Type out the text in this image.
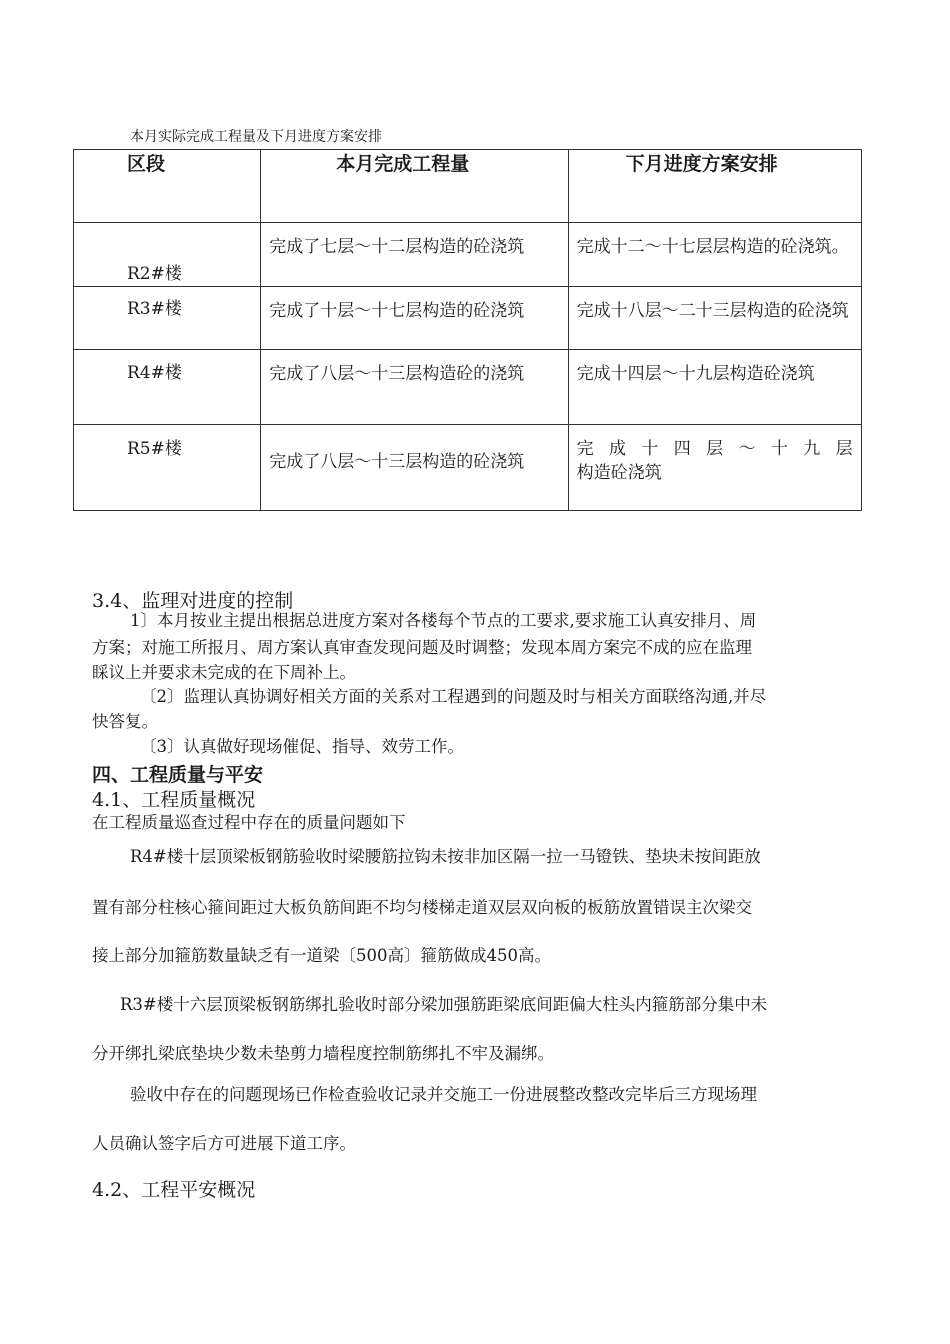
本月实际完成工程量及下月进度方案安排
区段	本月完成工程量	下月进度方案安排

R2#楼	完成了七层～十二层构造的砼浇筑	完成十二～十七层层构造的砼浇筑。

R3#楼	完成了十层～十七层构造的砼浇筑	完成十八层～二十三层构造的砼浇筑

R4#楼	完成了八层～十三层构造砼的浇筑	完成十四层～十九层构造砼浇筑

R5#楼	完成了八层～十三层构造的砼浇筑	完 成 十 四 层 ～ 十 九 层
构造砼浇筑
3.4、监理对进度的控制
1〕本月按业主提出根据总进度方案对各楼每个节点的工要求,要求施工认真安排月、周
方案；对施工所报月、周方案认真审查发现问题及时调整；发现本周方案完不成的应在监理
睬议上并要求未完成的在下周补上。
〔2〕监理认真协调好相关方面的关系对工程遇到的问题及时与相关方面联络沟通,并尽
快答复。
〔3〕认真做好现场催促、指导、效劳工作。
四、工程质量与平安
4.1、工程质量概况
在工程质量巡查过程中存在的质量问题如下
R4#楼十层顶梁板钢筋验收时梁腰筋拉钩未按非加区隔一拉一马镫铁、垫块未按间距放
置有部分柱核心箍间距过大板负筋间距不均匀楼梯走道双层双向板的板筋放置错误主次梁交
接上部分加箍筋数量缺乏有一道梁〔500高〕箍筋做成450高。
R3#楼十六层顶梁板钢筋绑扎验收时部分梁加强筋距梁底间距偏大柱头内箍筋部分集中未
分开绑扎梁底垫块少数未垫剪力墙程度控制筋绑扎不牢及漏绑。
验收中存在的问题现场已作检查验收记录并交施工一份进展整改整改完毕后三方现场理
人员确认签字后方可进展下道工序。
4.2、工程平安概况
